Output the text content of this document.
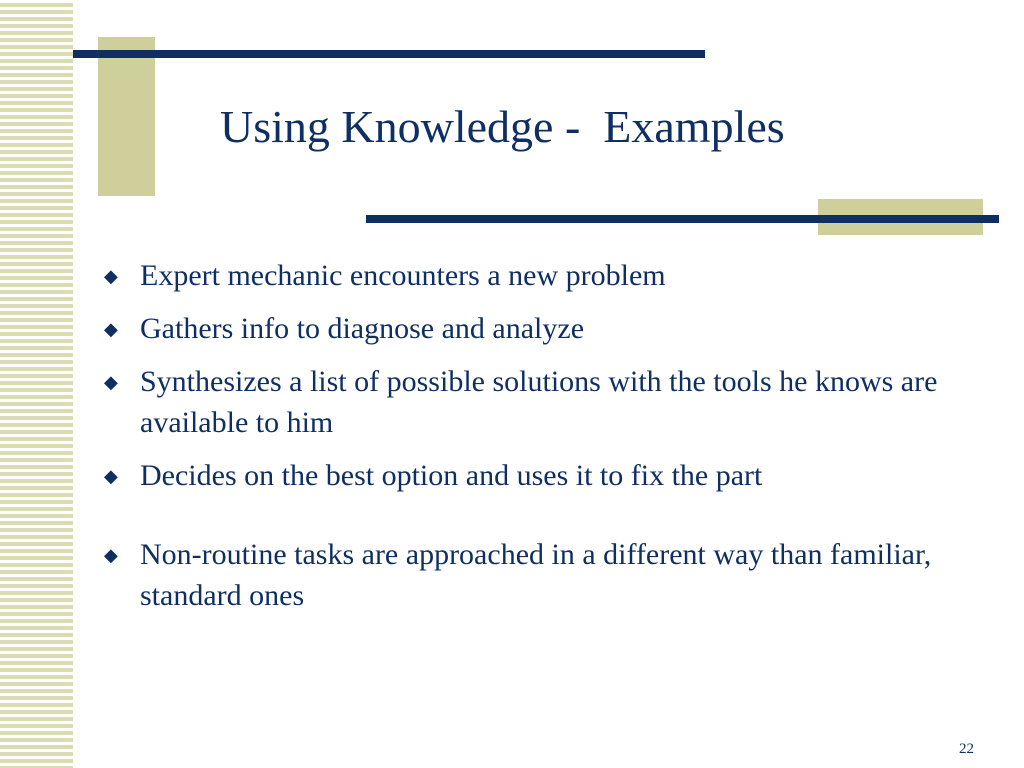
Using Knowledge -  Examples
◆ Expert mechanic encounters a new problem
◆ Gathers info to diagnose and analyze
◆ Synthesizes a list of possible solutions with the tools he knows are available to him
◆ Decides on the best option and uses it to fix the part
◆ Non-routine tasks are approached in a different way than familiar, standard ones
22
